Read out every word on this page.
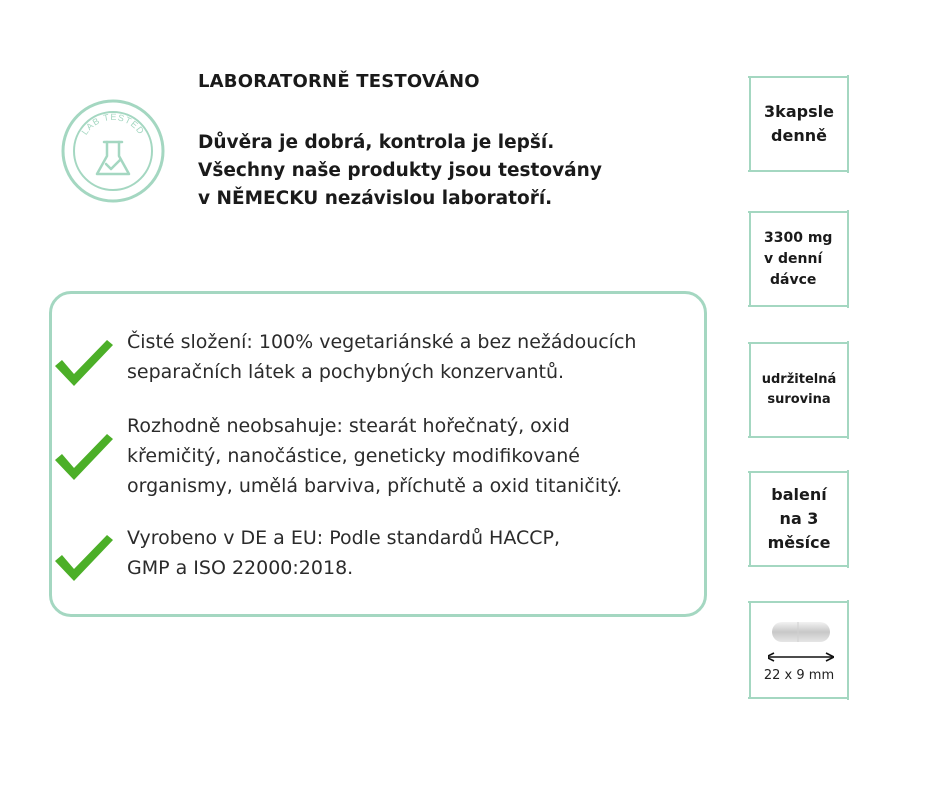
LAB TESTED
LABORATORNĚ TESTOVÁNO
Důvěra je dobrá, kontrola je lepší.
Všechny naše produkty jsou testovány
v NĚMECKU nezávislou laboratoří.
Čisté složení: 100% vegetariánské a bez nežádoucích
separačních látek a pochybných konzervantů.
Rozhodně neobsahuje: stearát hořečnatý, oxid
křemičitý, nanočástice, geneticky modifikované
organismy, umělá barviva, příchutě a oxid titaničitý.
Vyrobeno v DE a EU: Podle standardů HACCP,
GMP a ISO 22000:2018.
3kapsle
denně
3300 mg
v denní
dávce
udržitelná
surovina
balení
na 3
měsíce
22 x 9 mm
